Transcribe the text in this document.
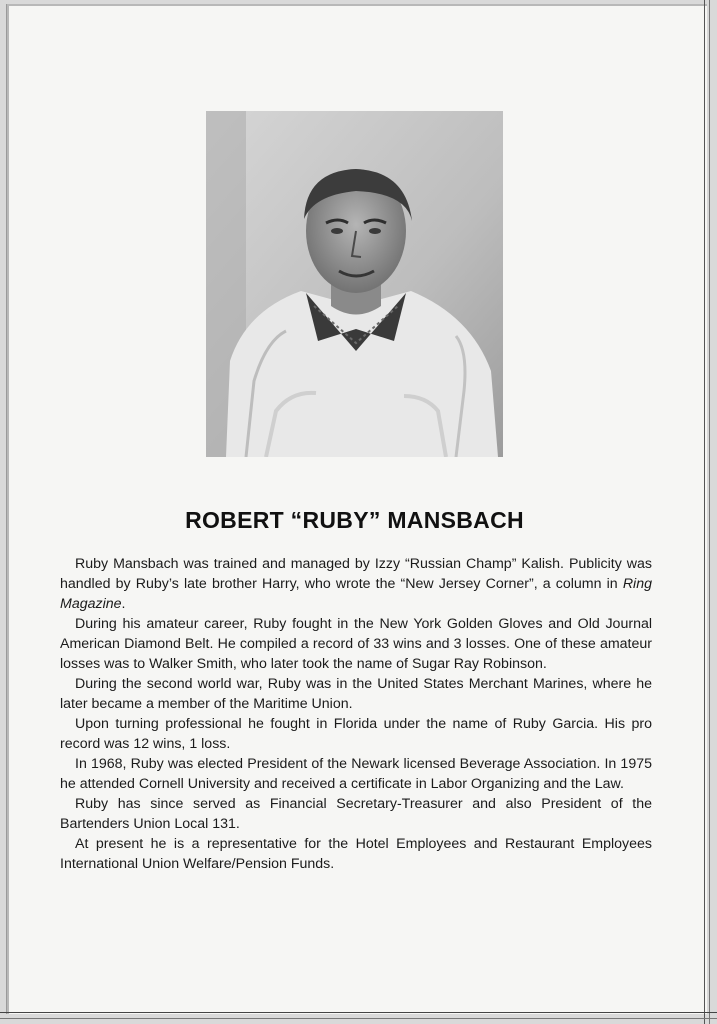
ROBERT “RUBY” MANSBACH

Ruby Mansbach was trained and managed by Izzy “Russian Champ” Kalish. Publicity was handled by Ruby’s late brother Harry, who wrote the “New Jersey Corner”, a column in Ring Magazine.

During his amateur career, Ruby fought in the New York Golden Gloves and Old Journal American Diamond Belt. He compiled a record of 33 wins and 3 losses. One of these amateur losses was to Walker Smith, who later took the name of Sugar Ray Robinson.

During the second world war, Ruby was in the United States Merchant Marines, where he later became a member of the Maritime Union.

Upon turning professional he fought in Florida under the name of Ruby Garcia. His pro record was 12 wins, 1 loss.

In 1968, Ruby was elected President of the Newark licensed Beverage Association. In 1975 he attended Cornell University and received a certificate in Labor Organizing and the Law.

Ruby has since served as Financial Secretary-Treasurer and also President of the Bartenders Union Local 131.

At present he is a representative for the Hotel Employees and Restaurant Employees International Union Welfare/Pension Funds.
